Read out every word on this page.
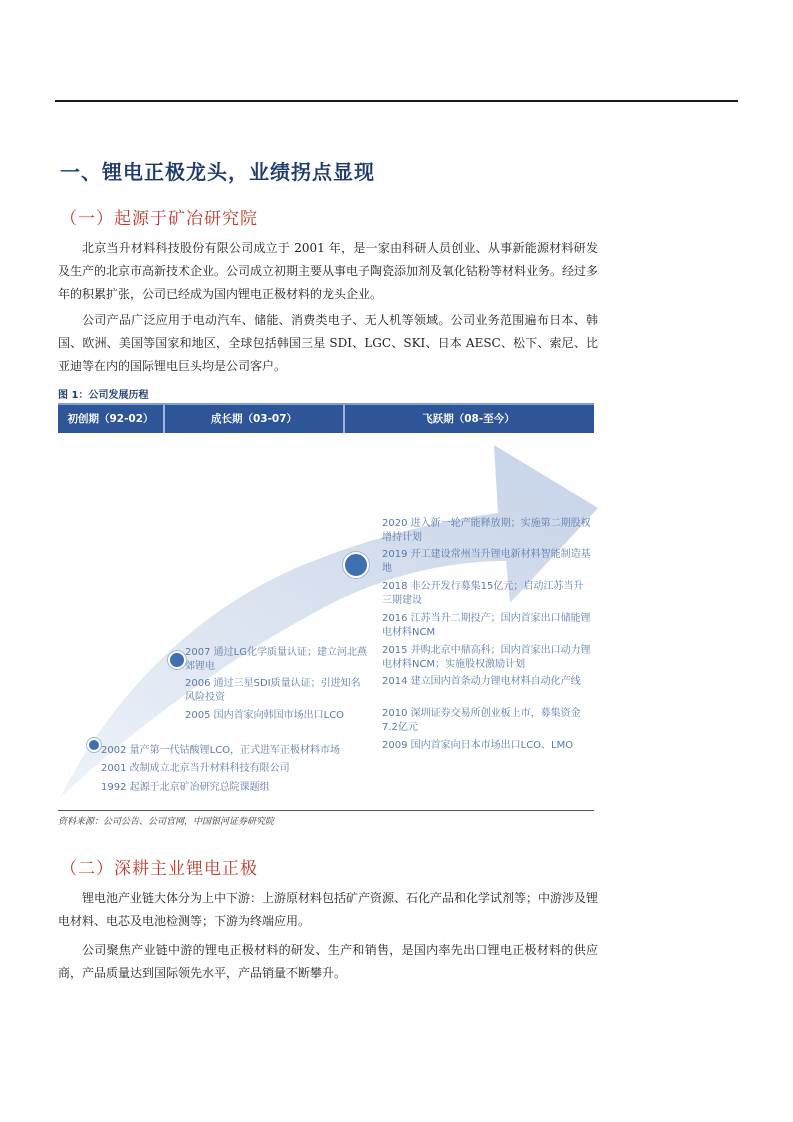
一、锂电正极龙头，业绩拐点显现
（一）起源于矿冶研究院

北京当升材料科技股份有限公司成立于 2001 年，是一家由科研人员创业、从事新能源材料研发及生产的北京市高新技术企业。公司成立初期主要从事电子陶瓷添加剂及氧化钴粉等材料业务。经过多年的积累扩张，公司已经成为国内锂电正极材料的龙头企业。

公司产品广泛应用于电动汽车、储能、消费类电子、无人机等领域。公司业务范围遍布日本、韩国、欧洲、美国等国家和地区，全球包括韩国三星 SDI、LGC、SKI、日本 AESC、松下、索尼、比亚迪等在内的国际锂电巨头均是公司客户。

图 1：公司发展历程
初创期（92-02）	成长期（03-07）	飞跃期（08-至今）
2002 量产第一代钴酸锂LCO，正式进军正极材料市场
2001 改制成立北京当升材料科技有限公司
1992 起源于北京矿冶研究总院课题组
2007 通过LG化学质量认证；建立河北燕郊锂电
2006 通过三星SDI质量认证；引进知名风险投资
2005 国内首家向韩国市场出口LCO
2020 进入新一轮产能释放期；实施第二期股权增持计划
2019 开工建设常州当升锂电新材料智能制造基地
2018 非公开发行募集15亿元；启动江苏当升三期建设
2016 江苏当升二期投产；国内首家出口储能锂电材料NCM
2015 并购北京中鼎高科；国内首家出口动力锂电材料NCM；实施股权激励计划
2014 建立国内首条动力锂电材料自动化产线
2010 深圳证券交易所创业板上市，募集资金7.2亿元
2009 国内首家向日本市场出口LCO、LMO
资料来源：公司公告、公司官网，中国银河证券研究院
（二）深耕主业锂电正极

锂电池产业链大体分为上中下游：上游原材料包括矿产资源、石化产品和化学试剂等；中游涉及锂电材料、电芯及电池检测等；下游为终端应用。

公司聚焦产业链中游的锂电正极材料的研发、生产和销售，是国内率先出口锂电正极材料的供应商，产品质量达到国际领先水平，产品销量不断攀升。
